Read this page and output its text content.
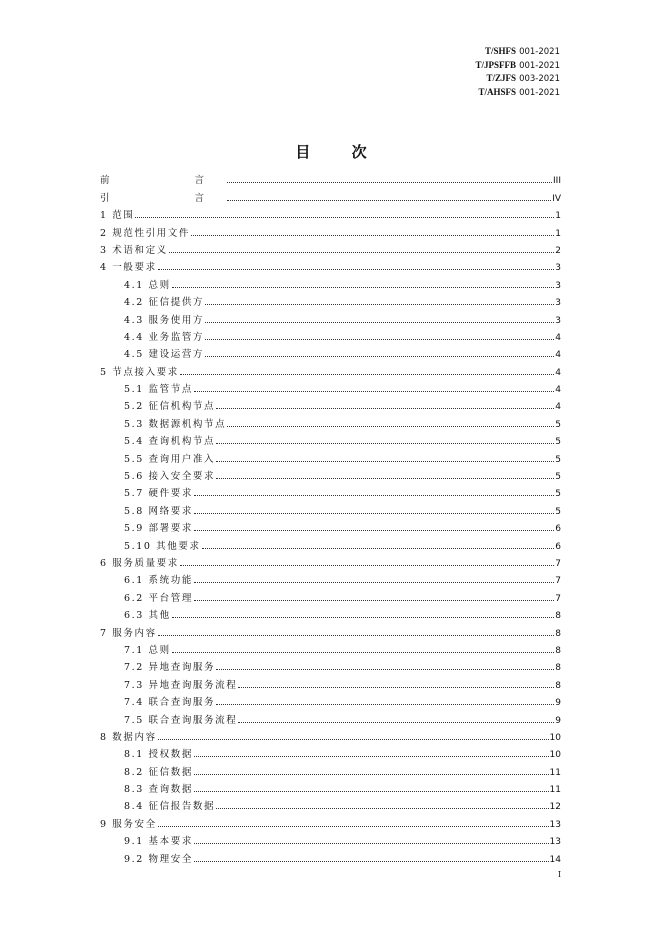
T/SHFS 001-2021
T/JPSFFB 001-2021
T/ZJFS 003-2021
T/AHSFS 001-2021
目 次
前　　言	III
引　　言	IV
1 范围	1
2 规范性引用文件	1
3 术语和定义	2
4 一般要求	3
4.1 总则	3
4.2 征信提供方	3
4.3 服务使用方	3
4.4 业务监管方	4
4.5 建设运营方	4
5 节点接入要求	4
5.1 监管节点	4
5.2 征信机构节点	4
5.3 数据源机构节点	5
5.4 查询机构节点	5
5.5 查询用户准入	5
5.6 接入安全要求	5
5.7 硬件要求	5
5.8 网络要求	5
5.9 部署要求	6
5.10 其他要求	6
6 服务质量要求	7
6.1 系统功能	7
6.2 平台管理	7
6.3 其他	8
7 服务内容	8
7.1 总则	8
7.2 异地查询服务	8
7.3 异地查询服务流程	8
7.4 联合查询服务	9
7.5 联合查询服务流程	9
8 数据内容	10
8.1 授权数据	10
8.2 征信数据	11
8.3 查询数据	11
8.4 征信报告数据	12
9 服务安全	13
9.1 基本要求	13
9.2 物理安全	14
I
